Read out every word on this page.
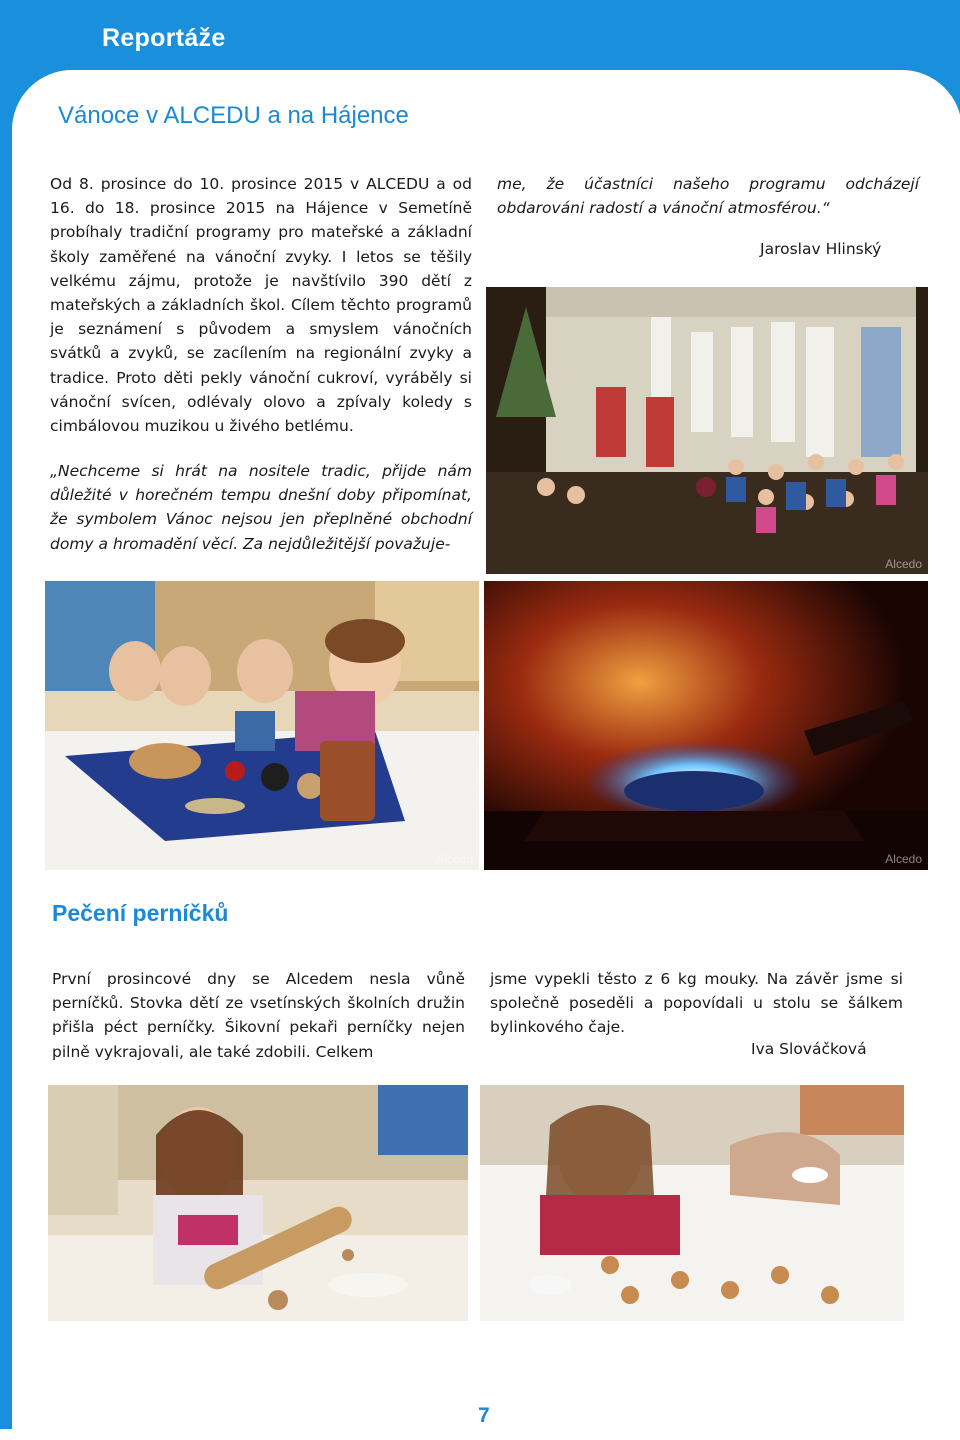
Reportáže
Vánoce v ALCEDU a na Hájence
Od 8. prosince do 10. prosince 2015 v ALCEDU a od 16. do 18. prosince 2015 na Hájence v Semetíně probíhaly tradiční programy pro mateřské a základní školy zaměřené na vánoční zvyky. I letos se těšily velkému zájmu, protože je navštívilo 390 dětí z mateřských a základních škol. Cílem těchto programů je seznámení s původem a smyslem vánočních svátků a zvyků, se zacílením na regionální zvyky a tradice. Proto děti pekly vánoční cukroví, vyráběly si vánoční svícen, odlévaly olovo a zpívaly koledy s cimbálovou muzikou u živého betlému.
„Nechceme si hrát na nositele tradic, přijde nám důležité v horečném tempu dnešní doby připomínat, že symbolem Vánoc nejsou jen přeplněné obchodní domy a hromadění věcí. Za nejdůležitější považuje-
me, že účastníci našeho programu odcházejí obdarováni radostí a vánoční atmosférou.“
Jaroslav Hlinský
Alcedo
Alcedo	Alcedo
Pečení perníčků
První prosincové dny se Alcedem nesla vůně perníčků. Stovka dětí ze vsetínských školních družin přišla péct perníčky. Šikovní pekaři perníčky nejen pilně vykrajovali, ale také zdobili. Celkem
jsme vypekli těsto z 6 kg mouky. Na závěr jsme si společně poseděli a popovídali u stolu se šálkem bylinkového čaje.
Iva Slováčková
7
